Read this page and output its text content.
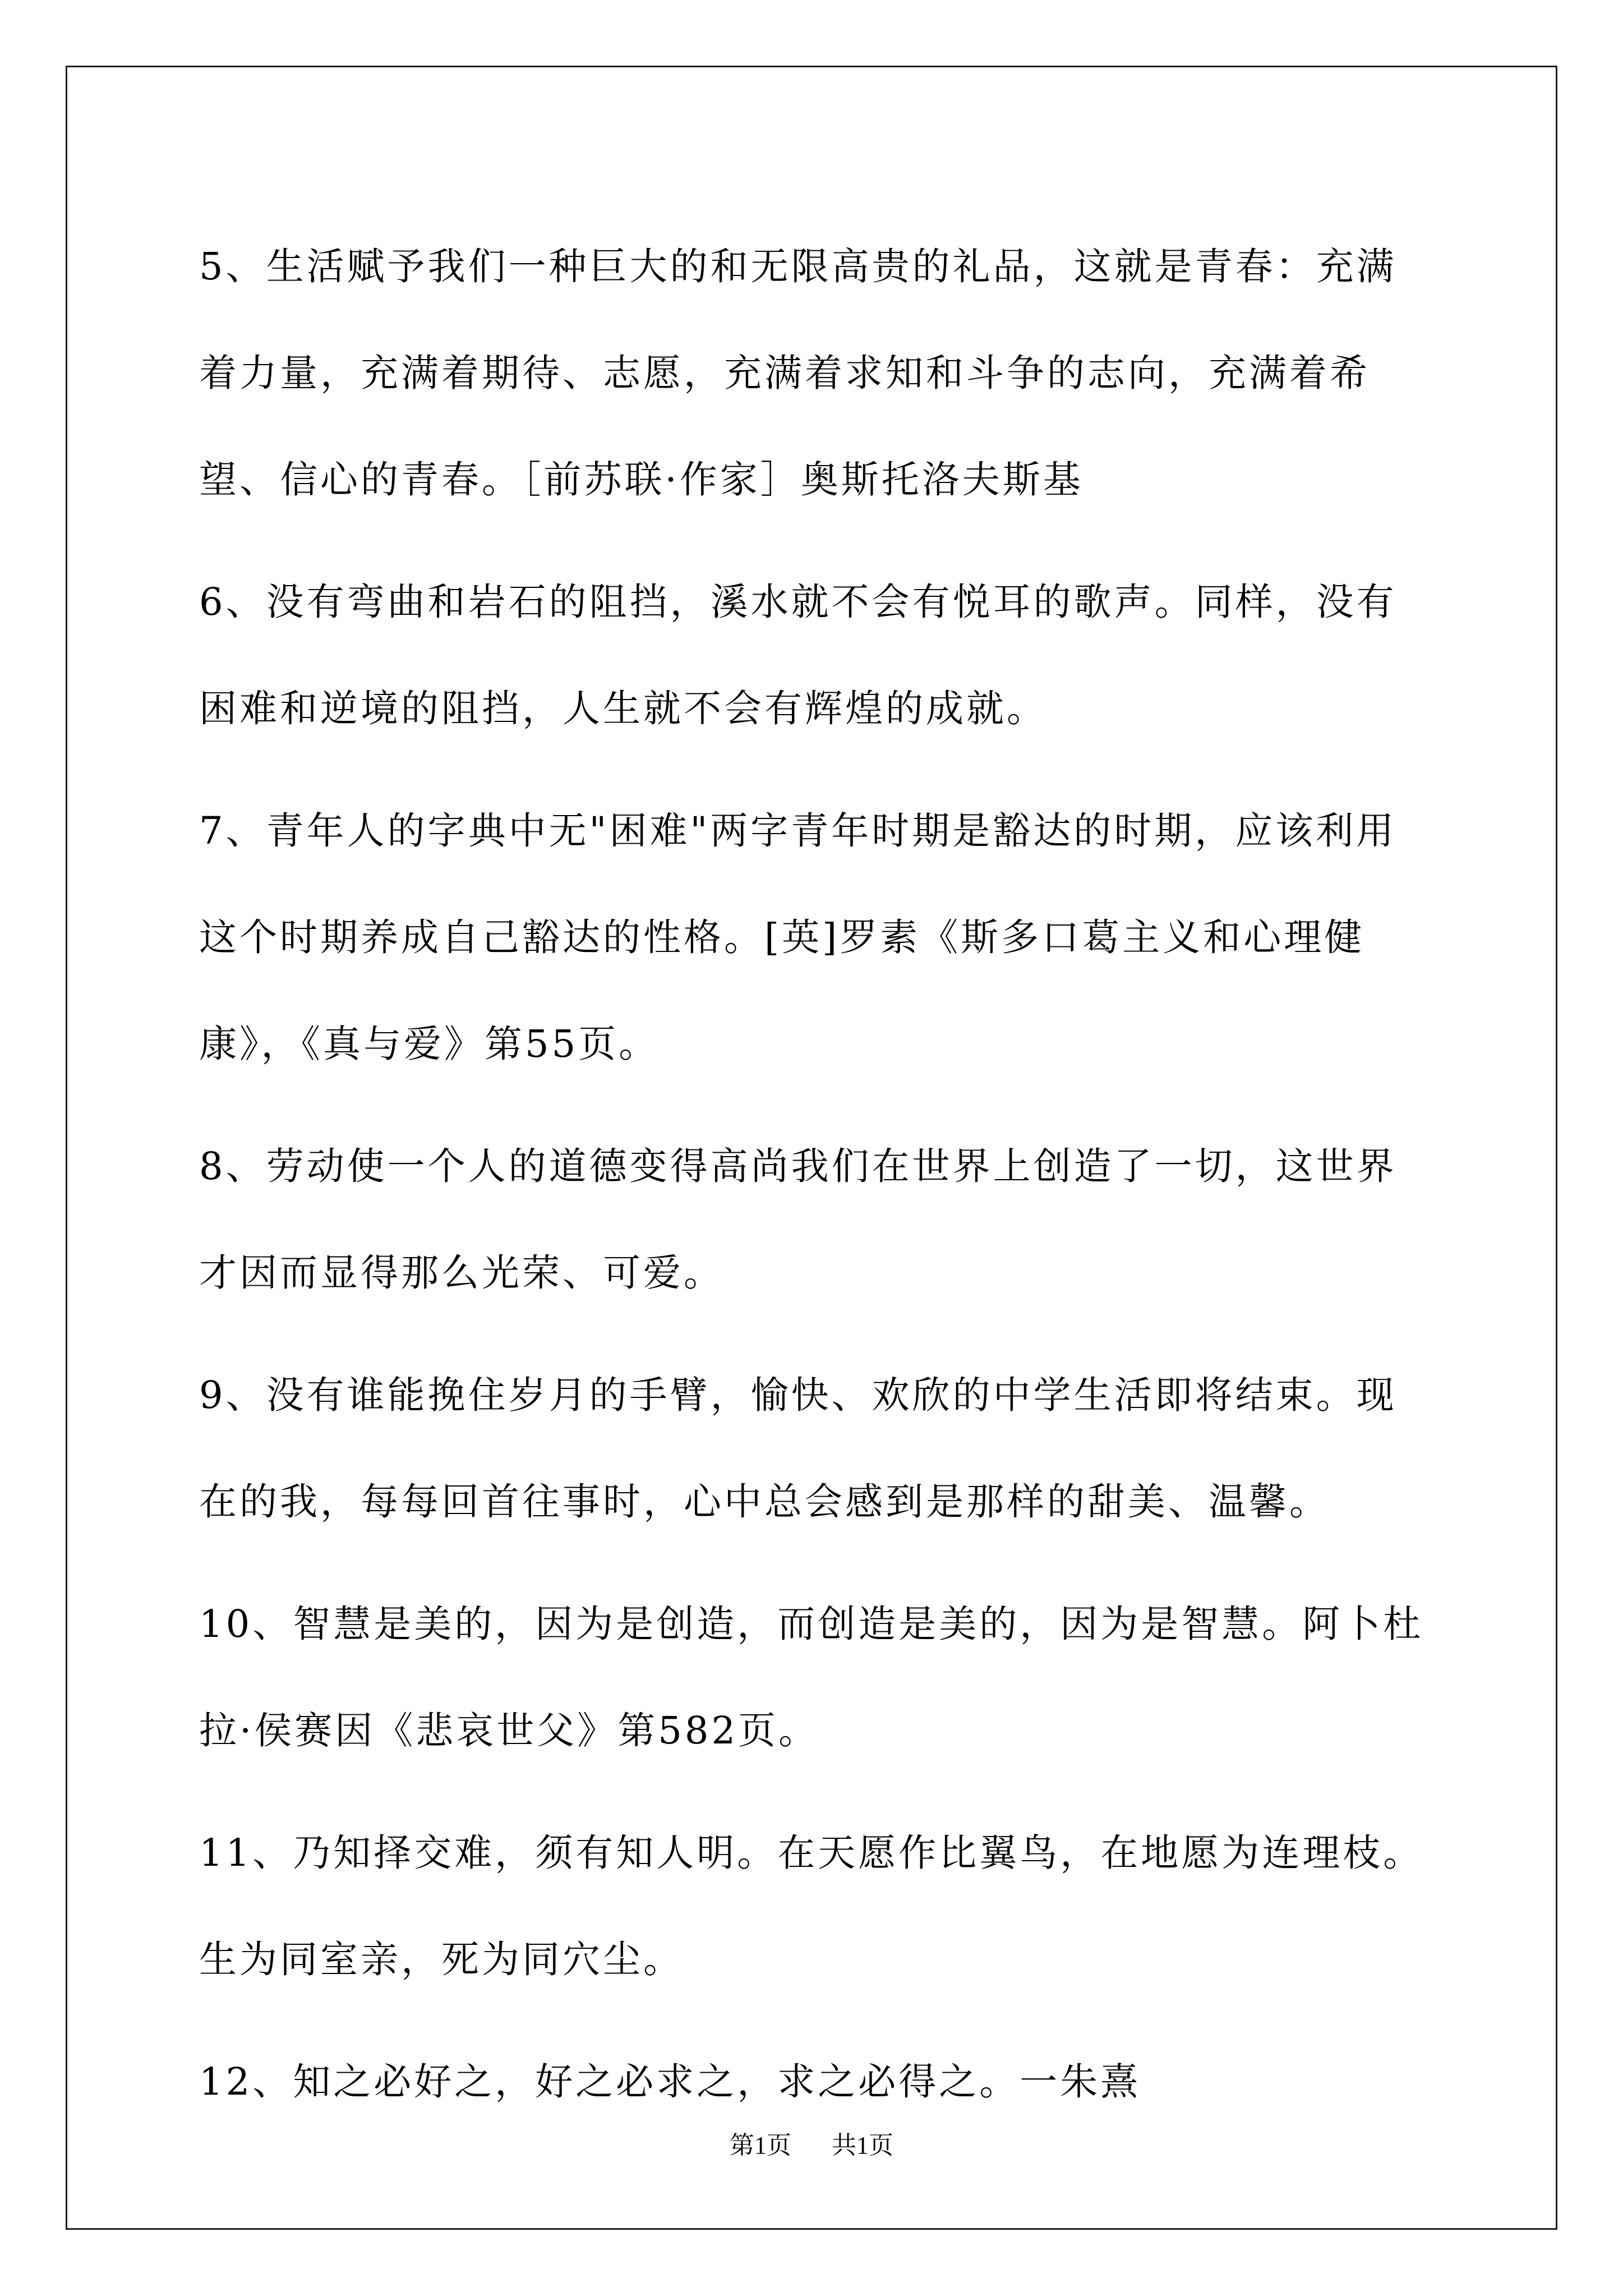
5、生活赋予我们一种巨大的和无限高贵的礼品，这就是青春：充满着力量，充满着期待、志愿，充满着求知和斗争的志向，充满着希望、信心的青春。［前苏联·作家］奥斯托洛夫斯基

6、没有弯曲和岩石的阻挡，溪水就不会有悦耳的歌声。同样，没有困难和逆境的阻挡，人生就不会有辉煌的成就。

7、青年人的字典中无"困难"两字青年时期是豁达的时期，应该利用这个时期养成自己豁达的性格。[英]罗素《斯多口葛主义和心理健康》，《真与爱》第55页。

8、劳动使一个人的道德变得高尚我们在世界上创造了一切，这世界才因而显得那么光荣、可爱。

9、没有谁能挽住岁月的手臂，愉快、欢欣的中学生活即将结束。现在的我，每每回首往事时，心中总会感到是那样的甜美、温馨。

10、智慧是美的，因为是创造，而创造是美的，因为是智慧。阿卜杜拉·侯赛因《悲哀世父》第582页。

11、乃知择交难，须有知人明。在天愿作比翼鸟，在地愿为连理枝。生为同室亲，死为同穴尘。

12、知之必好之，好之必求之，求之必得之。一朱熹

第1页 共1页
